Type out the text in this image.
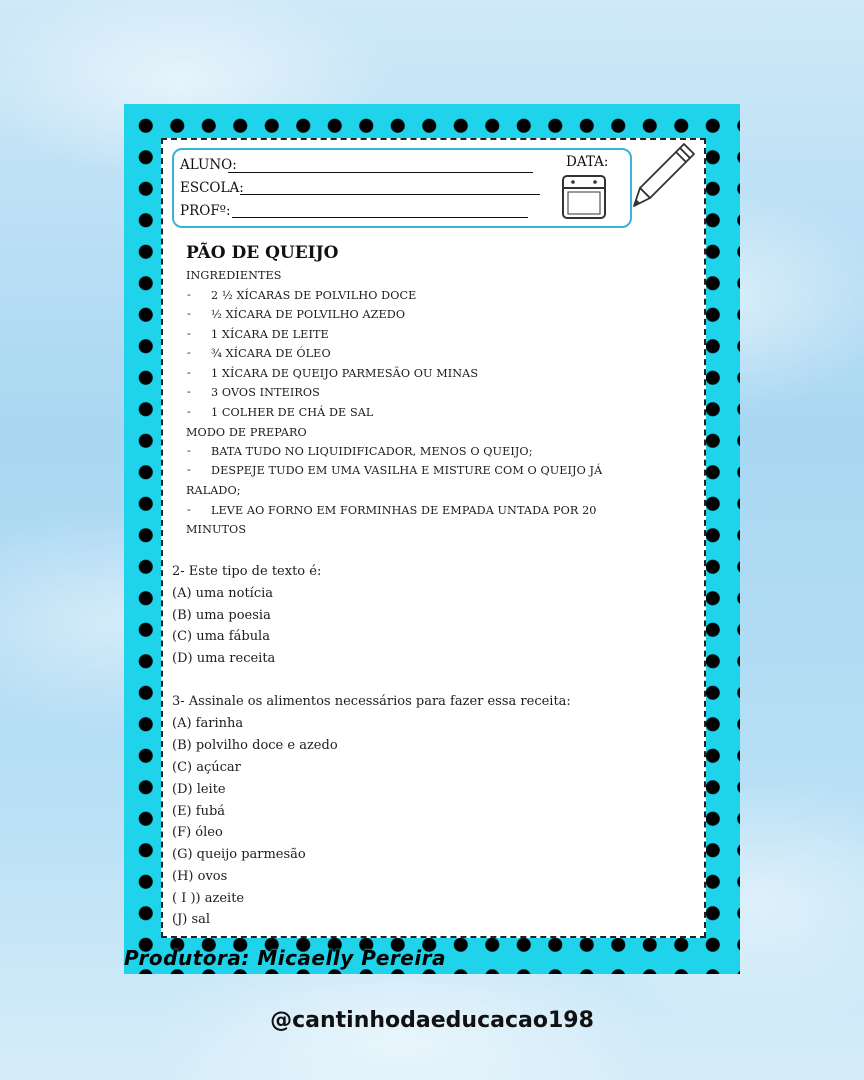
ALUNO:
ESCOLA:
PROFº:
DATA:
PÃO DE QUEIJO
INGREDIENTES
- 2 ½ XÍCARAS DE POLVILHO DOCE
- ½ XÍCARA DE POLVILHO AZEDO
- 1 XÍCARA DE LEITE
- ¾ XÍCARA DE ÓLEO
- 1 XÍCARA DE QUEIJO PARMESÃO OU MINAS
- 3 OVOS INTEIROS
- 1 COLHER DE CHÁ DE SAL
MODO DE PREPARO
- BATA TUDO NO LIQUIDIFICADOR, MENOS O QUEIJO;
- DESPEJE TUDO EM UMA VASILHA E MISTURE COM O QUEIJO JÁ
RALADO;
- LEVE AO FORNO EM FORMINHAS DE EMPADA UNTADA POR 20
MINUTOS
2- Este tipo de texto é:
(A) uma notícia
(B) uma poesia
(C) uma fábula
(D) uma receita
3- Assinale os alimentos necessários para fazer essa receita:
(A) farinha
(B) polvilho doce e azedo
(C) açúcar
(D) leite
(E) fubá
(F) óleo
(G) queijo parmesão
(H) ovos
( I )) azeite
(J) sal
Produtora: Micaelly Pereira
@cantinhodaeducacao198
